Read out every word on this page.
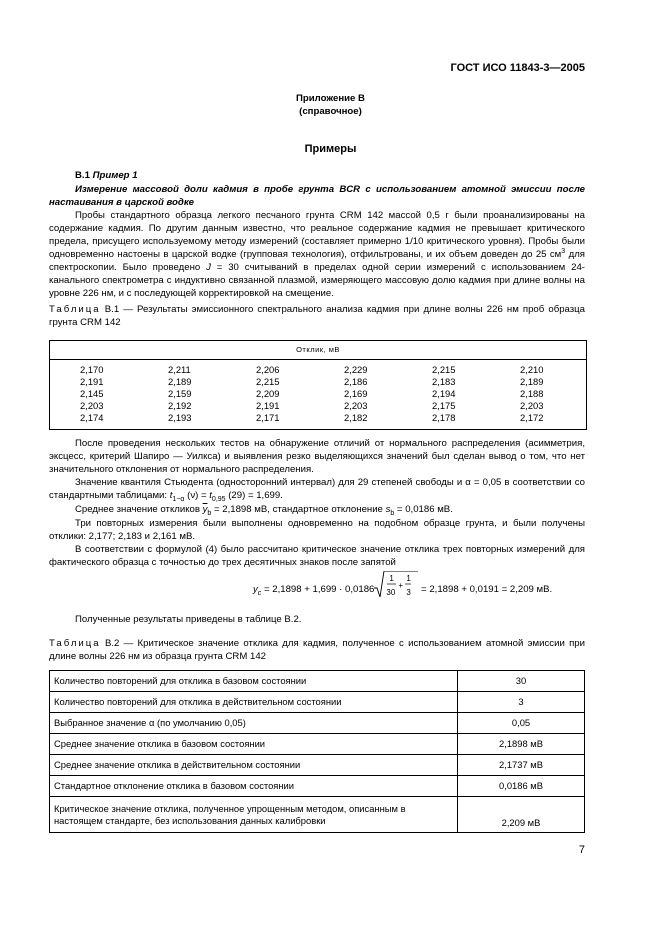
ГОСТ ИСО 11843-3—2005
Приложение В
(справочное)
Примеры
В.1 Пример 1
Измерение массовой доли кадмия в пробе грунта BCR с использованием атомной эмиссии после настаивания в царской водке
Пробы стандартного образца легкого песчаного грунта CRM 142 массой 0,5 г были проанализированы на содержание кадмия. По другим данным известно, что реальное содержание кадмия не превышает критического предела, присущего используемому методу измерений (составляет примерно 1/10 критического уровня). Пробы были одновременно настоены в царской водке (групповая технология), отфильтрованы, и их объем доведен до 25 $см^3$ для спектроскопии. Было проведено J = 30 считываний в пределах одной серии измерений с использованием 24-канального спектрометра с индуктивно связанной плазмой, измеряющего массовую долю кадмия при длине волны на уровне 226 нм, и с последующей корректировкой на смещение.
Таблица В.1 — Результаты эмиссионного спектрального анализа кадмия при длине волны 226 нм проб образца грунта CRM 142
Отклик, мВ
	2,170	2,211	2,206	2,229	2,215	2,210	
	2,191	2,189	2,215	2,186	2,183	2,189	
	2,145	2,159	2,209	2,169	2,194	2,188	
	2,203	2,192	2,191	2,203	2,175	2,203	
	2,174	2,193	2,171	2,182	2,178	2,172	
После проведения нескольких тестов на обнаружение отличий от нормального распределения (асимметрия, эксцесс, критерий Шапиро — Уилкса) и выявления резко выделяющихся значений был сделан вывод о том, что нет значительного отклонения от нормального распределения.
Значение квантиля Стьюдента (односторонний интервал) для 29 степеней свободы и α = 0,05 в соответствии со стандартными таблицами: $t_{1-\alpha}$ $(\nu) = t_{0,95}$ (29) = 1,699.
Среднее значение откликов $\overline{y}_b = 2,1898$ мВ, стандартное отклонение $s_b = 0,0186$ мВ.
Три повторных измерения были выполнены одновременно на подобном образце грунта, и были получены отклики: 2,177; 2,183 и 2,161 мВ.
В соответствии с формулой (4) было рассчитано критическое значение отклика трех повторных измерений для фактического образца с точностью до трех десятичных знаков после запятой
$y_c = 2,1898 + 1,699 \cdot 0,0186$
1
30
+
1
3 = 2,1898 + 0,0191 = 2,209 мВ.
Полученные результаты приведены в таблице В.2.
Таблица В.2 — Критическое значение отклика для кадмия, полученное с использованием атомной эмиссии при длине волны 226 нм из образца грунта CRM 142
Количество повторений для отклика в базовом состоянии	30
Количество повторений для отклика в действительном состоянии	3
Выбранное значение α (по умолчанию 0,05)	0,05
Среднее значение отклика в базовом состоянии	2,1898 мВ
Среднее значение отклика в действительном состоянии	2,1737 мВ
Стандартное отклонение отклика в базовом состоянии	0,0186 мВ
Критическое значение отклика, полученное упрощенным методом, описанным в настоящем стандарте, без использования данных калибровки	2,209 мВ
7
